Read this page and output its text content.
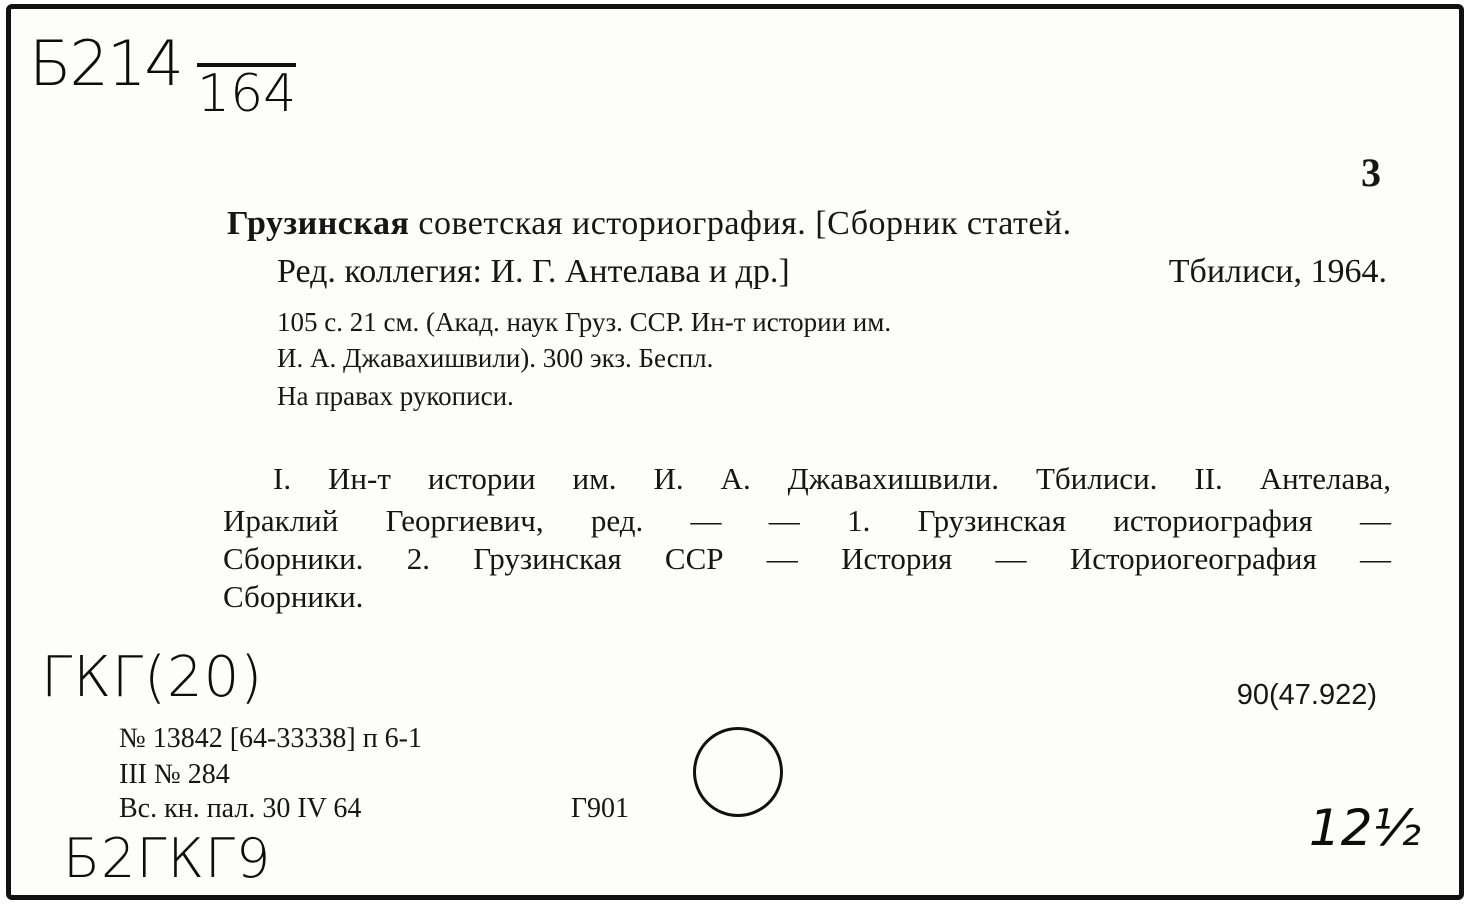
Б214 164
3
Грузинская советская историография. [Сборник статей.
Ред. коллегия: И. Г. Антелава и др.]	Тбилиси, 1964.
105 с. 21 см. (Акад. наук Груз. ССР. Ин-т истории им.
И. А. Джавахишвили). 300 экз. Беспл.
На правах рукописи.
I. Ин-т истории им. И. А. Джавахишвили. Тбилиси. II. Антелава,
Ираклий Георгиевич, ред. — — 1. Грузинская историография —
Сборники. 2. Грузинская ССР — История — Историогеография —
Сборники.
ГКГ(20)	90(47.922)
№ 13842 [64-33338] п 6-1
III № 284
Вс. кн. пал. 30 IV 64	Г901
Б2ГКГ9	12½
